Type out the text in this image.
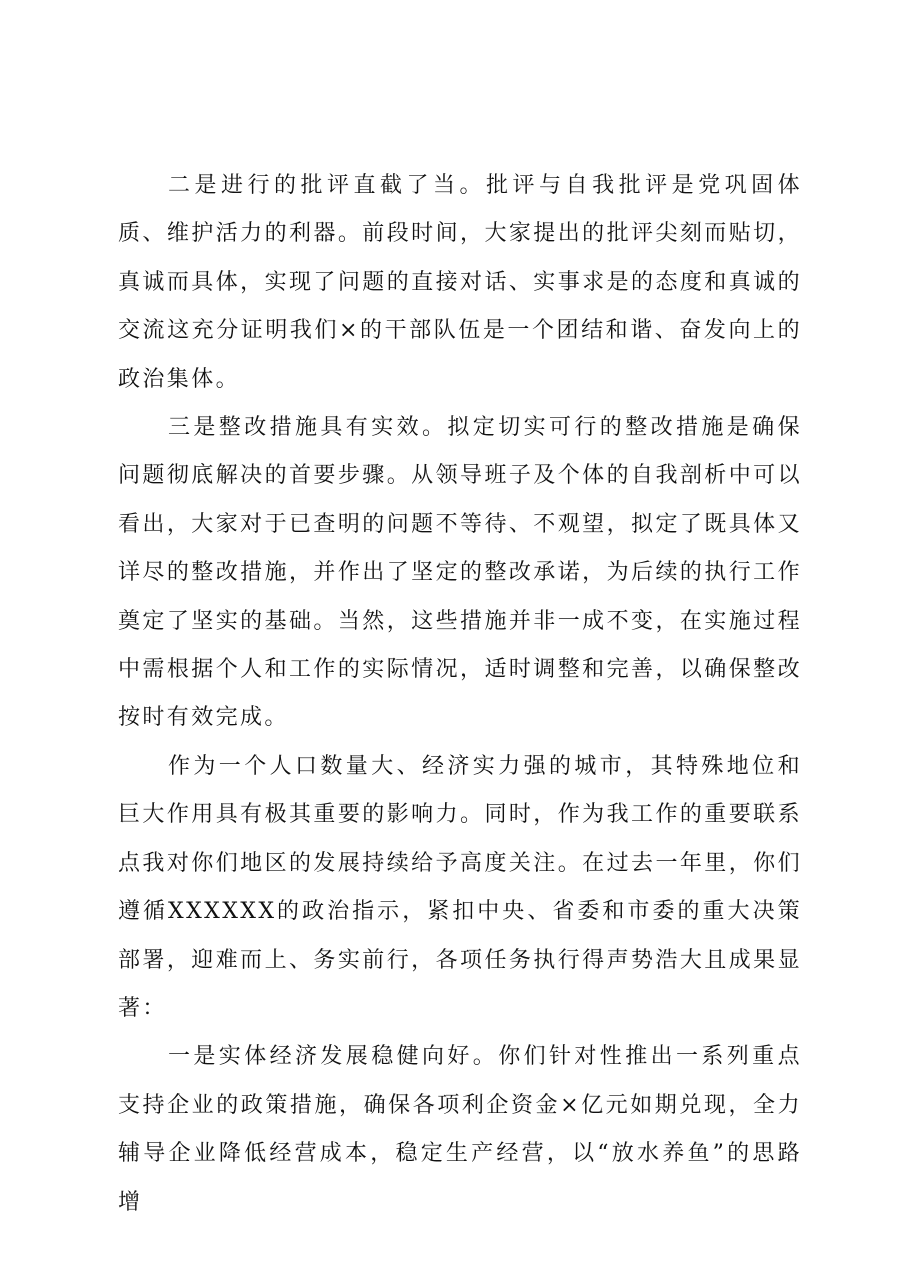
二是进行的批评直截了当。批评与自我批评是党巩固体质、维护活力的利器。前段时间，大家提出的批评尖刻而贴切，真诚而具体，实现了问题的直接对话、实事求是的态度和真诚的交流这充分证明我们×的干部队伍是一个团结和谐、奋发向上的政治集体。

三是整改措施具有实效。拟定切实可行的整改措施是确保问题彻底解决的首要步骤。从领导班子及个体的自我剖析中可以看出，大家对于已查明的问题不等待、不观望，拟定了既具体又详尽的整改措施，并作出了坚定的整改承诺，为后续的执行工作奠定了坚实的基础。当然，这些措施并非一成不变，在实施过程中需根据个人和工作的实际情况，适时调整和完善，以确保整改按时有效完成。

作为一个人口数量大、经济实力强的城市，其特殊地位和巨大作用具有极其重要的影响力。同时，作为我工作的重要联系点我对你们地区的发展持续给予高度关注。在过去一年里，你们遵循XXXXXX的政治指示，紧扣中央、省委和市委的重大决策部署，迎难而上、务实前行，各项任务执行得声势浩大且成果显著：

一是实体经济发展稳健向好。你们针对性推出一系列重点支持企业的政策措施，确保各项利企资金×亿元如期兑现，全力辅导企业降低经营成本，稳定生产经营，以“放水养鱼”的思路增
